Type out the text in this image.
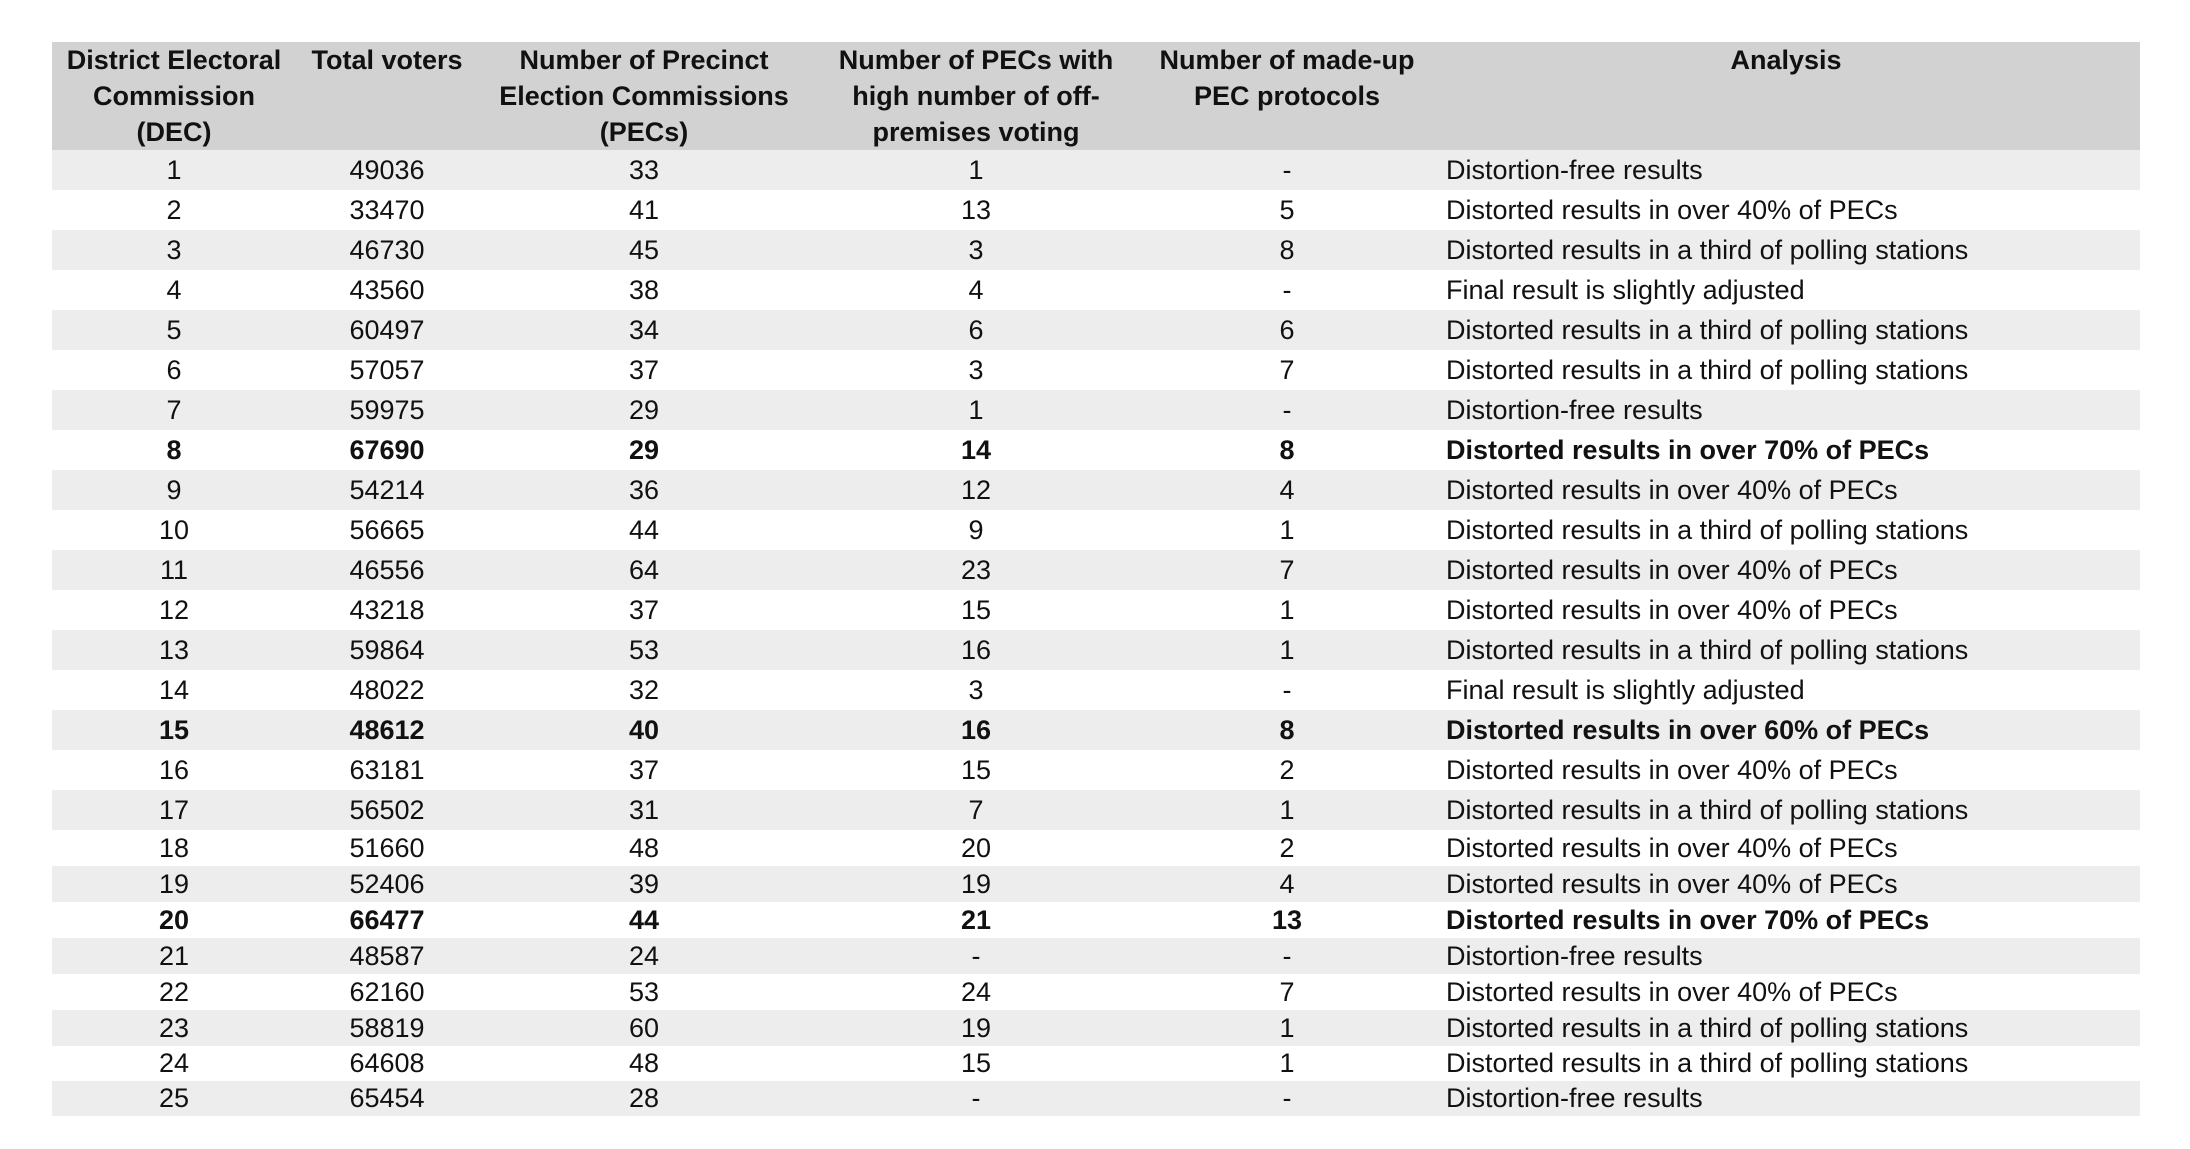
District Electoral Commission (DEC)	Total voters	Number of Precinct Election Commissions (PECs)	Number of PECs with high number of off-premises voting	Number of made-up PEC protocols	Analysis
1	49036	33	1	-	Distortion-free results
2	33470	41	13	5	Distorted results in over 40% of PECs
3	46730	45	3	8	Distorted results in a third of polling stations
4	43560	38	4	-	Final result is slightly adjusted
5	60497	34	6	6	Distorted results in a third of polling stations
6	57057	37	3	7	Distorted results in a third of polling stations
7	59975	29	1	-	Distortion-free results
8	67690	29	14	8	Distorted results in over 70% of PECs
9	54214	36	12	4	Distorted results in over 40% of PECs
10	56665	44	9	1	Distorted results in a third of polling stations
11	46556	64	23	7	Distorted results in over 40% of PECs
12	43218	37	15	1	Distorted results in over 40% of PECs
13	59864	53	16	1	Distorted results in a third of polling stations
14	48022	32	3	-	Final result is slightly adjusted
15	48612	40	16	8	Distorted results in over 60% of PECs
16	63181	37	15	2	Distorted results in over 40% of PECs
17	56502	31	7	1	Distorted results in a third of polling stations
18	51660	48	20	2	Distorted results in over 40% of PECs
19	52406	39	19	4	Distorted results in over 40% of PECs
20	66477	44	21	13	Distorted results in over 70% of PECs
21	48587	24	-	-	Distortion-free results
22	62160	53	24	7	Distorted results in over 40% of PECs
23	58819	60	19	1	Distorted results in a third of polling stations
24	64608	48	15	1	Distorted results in a third of polling stations
25	65454	28	-	-	Distortion-free results
